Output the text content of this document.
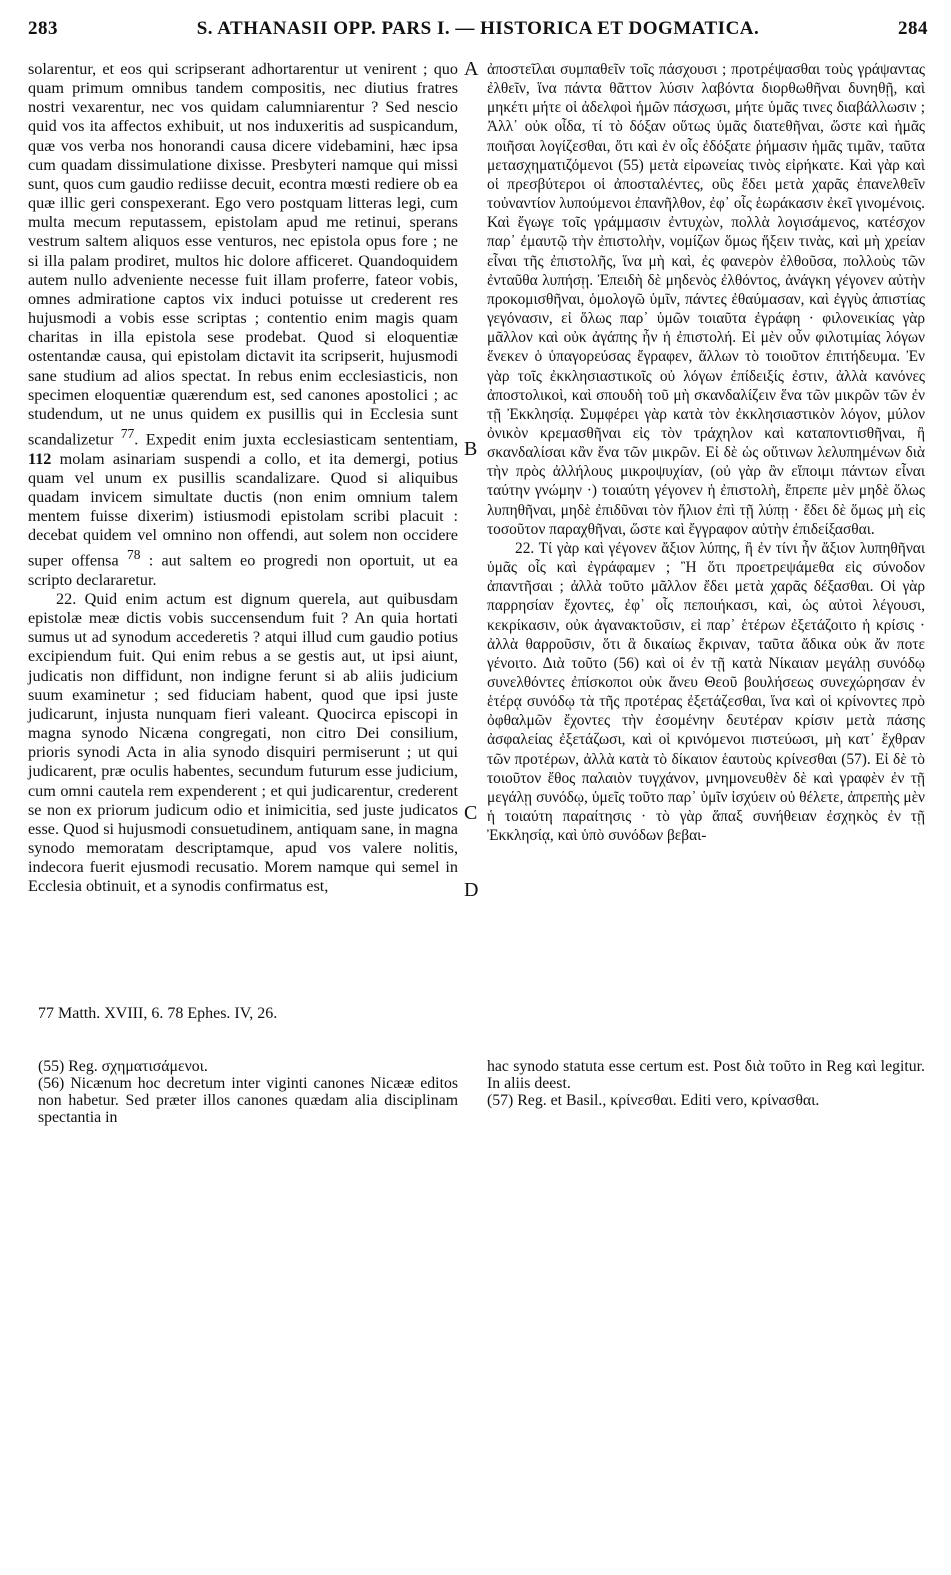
283	S. ATHANASII OPP. PARS I. — HISTORICA ET DOGMATICA.	284

solarentur, et eos qui scripserant adhortarentur ut venirent ; quo quam primum omnibus tandem compositis, nec diutius fratres nostri vexarentur, nec vos quidam calumniarentur ? Sed nescio quid vos ita affectos exhibuit, ut nos induxeritis ad suspicandum, quæ vos verba nos honorandi causa dicere videbamini, hæc ipsa cum quadam dissimulatione dixisse. Presbyteri namque qui missi sunt, quos cum gaudio rediisse decuit, econtra mœsti rediere ob ea quæ illic geri conspexerant. Ego vero postquam litteras legi, cum multa mecum reputassem, epistolam apud me retinui, sperans vestrum saltem aliquos esse venturos, nec epistola opus fore ; ne si illa palam prodiret, multos hic dolore afficeret. Quandoquidem autem nullo adveniente necesse fuit illam proferre, fateor vobis, omnes admiratione captos vix induci potuisse ut crederent res hujusmodi a vobis esse scriptas ; contentio enim magis quam charitas in illa epistola sese prodebat. Quod si eloquentiæ ostentandæ causa, qui epistolam dictavit ita scripserit, hujusmodi sane studium ad alios spectat. In rebus enim ecclesiasticis, non specimen eloquentiæ quærendum est, sed canones apostolici ; ac studendum, ut ne unus quidem ex pusillis qui in Ecclesia sunt scandalizetur $^{77}$. Expedit enim juxta ecclesiasticam sententiam, 112 molam asinariam suspendi a collo, et ita demergi, potius quam vel unum ex pusillis scandalizare. Quod si aliquibus quadam invicem simultate ductis (non enim omnium talem mentem fuisse dixerim) istiusmodi epistolam scribi placuit : decebat quidem vel omnino non offendi, aut solem non occidere super offensa $^{78}$ : aut saltem eo progredi non oportuit, ut ea scripto declararetur.

22. Quid enim actum est dignum querela, aut quibusdam epistolæ meæ dictis vobis succensendum fuit ? An quia hortati sumus ut ad synodum accederetis ? atqui illud cum gaudio potius excipiendum fuit. Qui enim rebus a se gestis aut, ut ipsi aiunt, judicatis non diffidunt, non indigne ferunt si ab aliis judicium suum examinetur ; sed fiduciam habent, quod que ipsi juste judicarunt, injusta nunquam fieri valeant. Quocirca episcopi in magna synodo Nicæna congregati, non citro Dei consilium, prioris synodi Acta in alia synodo disquiri permiserunt ; ut qui judicarent, præ oculis habentes, secundum futurum esse judicium, cum omni cautela rem expenderent ; et qui judicarentur, crederent se non ex priorum judicum odio et inimicitia, sed juste judicatos esse. Quod si hujusmodi consuetudinem, antiquam sane, in magna synodo memoratam descriptamque, apud vos valere nolitis, indecora fuerit ejusmodi recusatio. Morem namque qui semel in Ecclesia obtinuit, et a synodis confirmatus est,

A
B
C
D

ἀποστεῖλαι συμπαθεῖν τοῖς πάσχουσι ; προτρέψασθαι τοὺς γράψαντας ἐλθεῖν, ἵνα πάντα θᾶττον λύσιν λαβόντα διορθωθῆναι δυνηθῇ, καὶ μηκέτι μήτε οἱ ἀδελφοὶ ἡμῶν πάσχωσι, μήτε ὑμᾶς τινες διαβάλλωσιν ; Ἀλλ᾽ οὐκ οἶδα, τί τὸ δόξαν οὕτως ὑμᾶς διατεθῆναι, ὥστε καὶ ἡμᾶς ποιῆσαι λογίζεσθαι, ὅτι καὶ ἐν οἷς ἐδόξατε ῥήμασιν ἡμᾶς τιμᾶν, ταῦτα μετασχηματιζόμενοι (55) μετὰ εἰρωνείας τινὸς εἰρήκατε. Καὶ γὰρ καὶ οἱ πρεσβύτεροι οἱ ἀποσταλέντες, οὓς ἔδει μετὰ χαρᾶς ἐπανελθεῖν τοὐναντίον λυπούμενοι ἐπανῆλθον, ἐφ᾽ οἷς ἑωράκασιν ἐκεῖ γινομένοις. Καὶ ἔγωγε τοῖς γράμμασιν ἐντυχὼν, πολλὰ λογισάμενος, κατέσχον παρ᾽ ἐμαυτῷ τὴν ἐπιστολὴν, νομίζων ὅμως ἥξειν τινὰς, καὶ μὴ χρείαν εἶναι τῆς ἐπιστολῆς, ἵνα μὴ καὶ, ἐς φανερὸν ἐλθοῦσα, πολλοὺς τῶν ἐνταῦθα λυπήσῃ. Ἐπειδὴ δὲ μηδενὸς ἐλθόντος, ἀνάγκη γέγονεν αὐτὴν προκομισθῆναι, ὁμολογῶ ὑμῖν, πάντες ἐθαύμασαν, καὶ ἐγγὺς ἀπιστίας γεγόνασιν, εἰ ὅλως παρ᾽ ὑμῶν τοιαῦτα ἐγράφη · φιλονεικίας γὰρ μᾶλλον καὶ οὐκ ἀγάπης ἦν ἡ ἐπιστολή. Εἰ μὲν οὖν φιλοτιμίας λόγων ἕνεκεν ὁ ὑπαγορεύσας ἔγραφεν, ἄλλων τὸ τοιοῦτον ἐπιτήδευμα. Ἐν γὰρ τοῖς ἐκκλησιαστικοῖς οὐ λόγων ἐπίδειξίς ἐστιν, ἀλλὰ κανόνες ἀποστολικοὶ, καὶ σπουδὴ τοῦ μὴ σκανδαλίζειν ἕνα τῶν μικρῶν τῶν ἐν τῇ Ἐκκλησίᾳ. Συμφέρει γὰρ κατὰ τὸν ἐκκλησιαστικὸν λόγον, μύλον ὀνικὸν κρεμασθῆναι εἰς τὸν τράχηλον καὶ καταποντισθῆναι, ἢ σκανδαλίσαι κἂν ἕνα τῶν μικρῶν. Εἰ δὲ ὡς οὕτινων λελυπημένων διὰ τὴν πρὸς ἀλλήλους μικροψυχίαν, (οὐ γὰρ ἂν εἴποιμι πάντων εἶναι ταύτην γνώμην ·) τοιαύτη γέγονεν ἡ ἐπιστολὴ, ἔπρεπε μὲν μηδὲ ὅλως λυπηθῆναι, μηδὲ ἐπιδῦναι τὸν ἥλιον ἐπὶ τῇ λύπῃ · ἔδει δὲ ὅμως μὴ εἰς τοσοῦτον παραχθῆναι, ὥστε καὶ ἔγγραφον αὐτὴν ἐπιδείξασθαι.

22. Τί γὰρ καὶ γέγονεν ἄξιον λύπης, ἢ ἐν τίνι ἦν ἄξιον λυπηθῆναι ὑμᾶς οἷς καὶ ἐγράφαμεν ; Ἢ ὅτι προετρεψάμεθα εἰς σύνοδον ἀπαντῆσαι ; ἀλλὰ τοῦτο μᾶλλον ἔδει μετὰ χαρᾶς δέξασθαι. Οἱ γὰρ παρρησίαν ἔχοντες, ἐφ᾽ οἷς πεποιήκασι, καὶ, ὡς αὐτοὶ λέγουσι, κεκρίκασιν, οὐκ ἀγανακτοῦσιν, εἰ παρ᾽ ἑτέρων ἐξετάζοιτο ἡ κρίσις · ἀλλὰ θαρροῦσιν, ὅτι ἃ δικαίως ἔκριναν, ταῦτα ἄδικα οὐκ ἄν ποτε γένοιτο. Διὰ τοῦτο (56) καὶ οἱ ἐν τῇ κατὰ Νίκαιαν μεγάλῃ συνόδῳ συνελθόντες ἐπίσκοποι οὐκ ἄνευ Θεοῦ βουλήσεως συνεχώρησαν ἐν ἑτέρᾳ συνόδῳ τὰ τῆς προτέρας ἐξετάζεσθαι, ἵνα καὶ οἱ κρίνοντες πρὸ ὀφθαλμῶν ἔχοντες τὴν ἐσομένην δευτέραν κρίσιν μετὰ πάσης ἀσφαλείας ἐξετάζωσι, καὶ οἱ κρινόμενοι πιστεύωσι, μὴ κατ᾽ ἔχθραν τῶν προτέρων, ἀλλὰ κατὰ τὸ δίκαιον ἑαυτοὺς κρίνεσθαι (57). Εἰ δὲ τὸ τοιοῦτον ἔθος παλαιὸν τυγχάνον, μνημονευθὲν δὲ καὶ γραφὲν ἐν τῇ μεγάλῃ συνόδῳ, ὑμεῖς τοῦτο παρ᾽ ὑμῖν ἰσχύειν οὐ θέλετε, ἀπρεπὴς μὲν ἡ τοιαύτη παραίτησις · τὸ γὰρ ἅπαξ συνήθειαν ἐσχηκὸς ἐν τῇ Ἐκκλησίᾳ, καὶ ὑπὸ συνόδων βεβαι-

77 Matth. XVIII, 6. 78 Ephes. IV, 26.

(55) Reg. σχηματισάμενοι.

(56) Nicænum hoc decretum inter viginti canones Nicææ editos non habetur. Sed præter illos canones quædam alia disciplinam spectantia in

hac synodo statuta esse certum est. Post διὰ τοῦτο in Reg καὶ legitur. In aliis deest.

(57) Reg. et Basil., κρίνεσθαι. Editi vero, κρίνασθαι.
